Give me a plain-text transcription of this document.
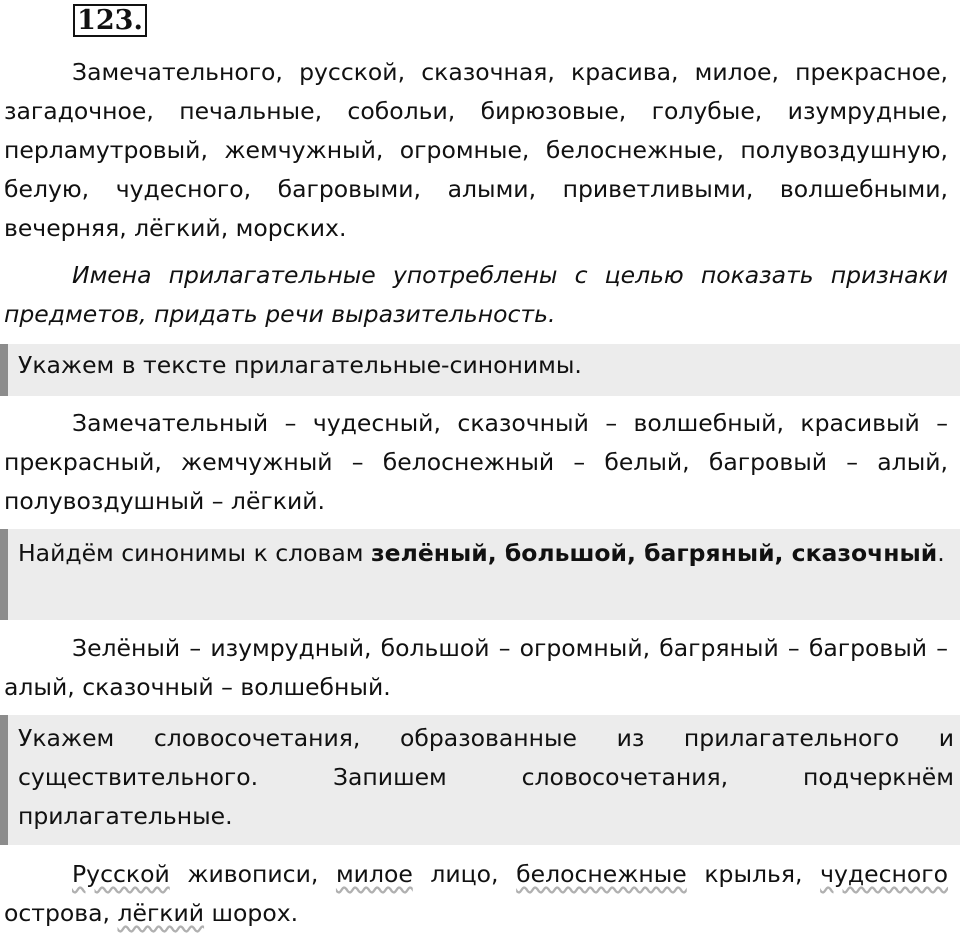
123.

Замечательного, русской, сказочная, красива, милое, прекрасное, загадочное, печальные, собольи, бирюзовые, голубые, изумрудные, перламутровый, жемчужный, огромные, белоснежные, полувоздушную, белую, чудесного, багровыми, алыми, приветливыми, волшебными, вечерняя, лёгкий, морских.

Имена прилагательные употреблены с целью показать признаки предметов, придать речи выразительность.

Укажем в тексте прилагательные-синонимы.

Замечательный – чудесный, сказочный – волшебный, красивый – прекрасный, жемчужный – белоснежный – белый, багровый – алый, полувоздушный – лёгкий.

Найдём синонимы к словам зелёный, большой, багряный, сказочный.

Зелёный – изумрудный, большой – огромный, багряный – багровый – алый, сказочный – волшебный.

Укажем словосочетания, образованные из прилагательного и существительного. Запишем словосочетания, подчеркнём прилагательные.

Русской живописи, милое лицо, белоснежные крылья, чудесного острова, лёгкий шорох.
